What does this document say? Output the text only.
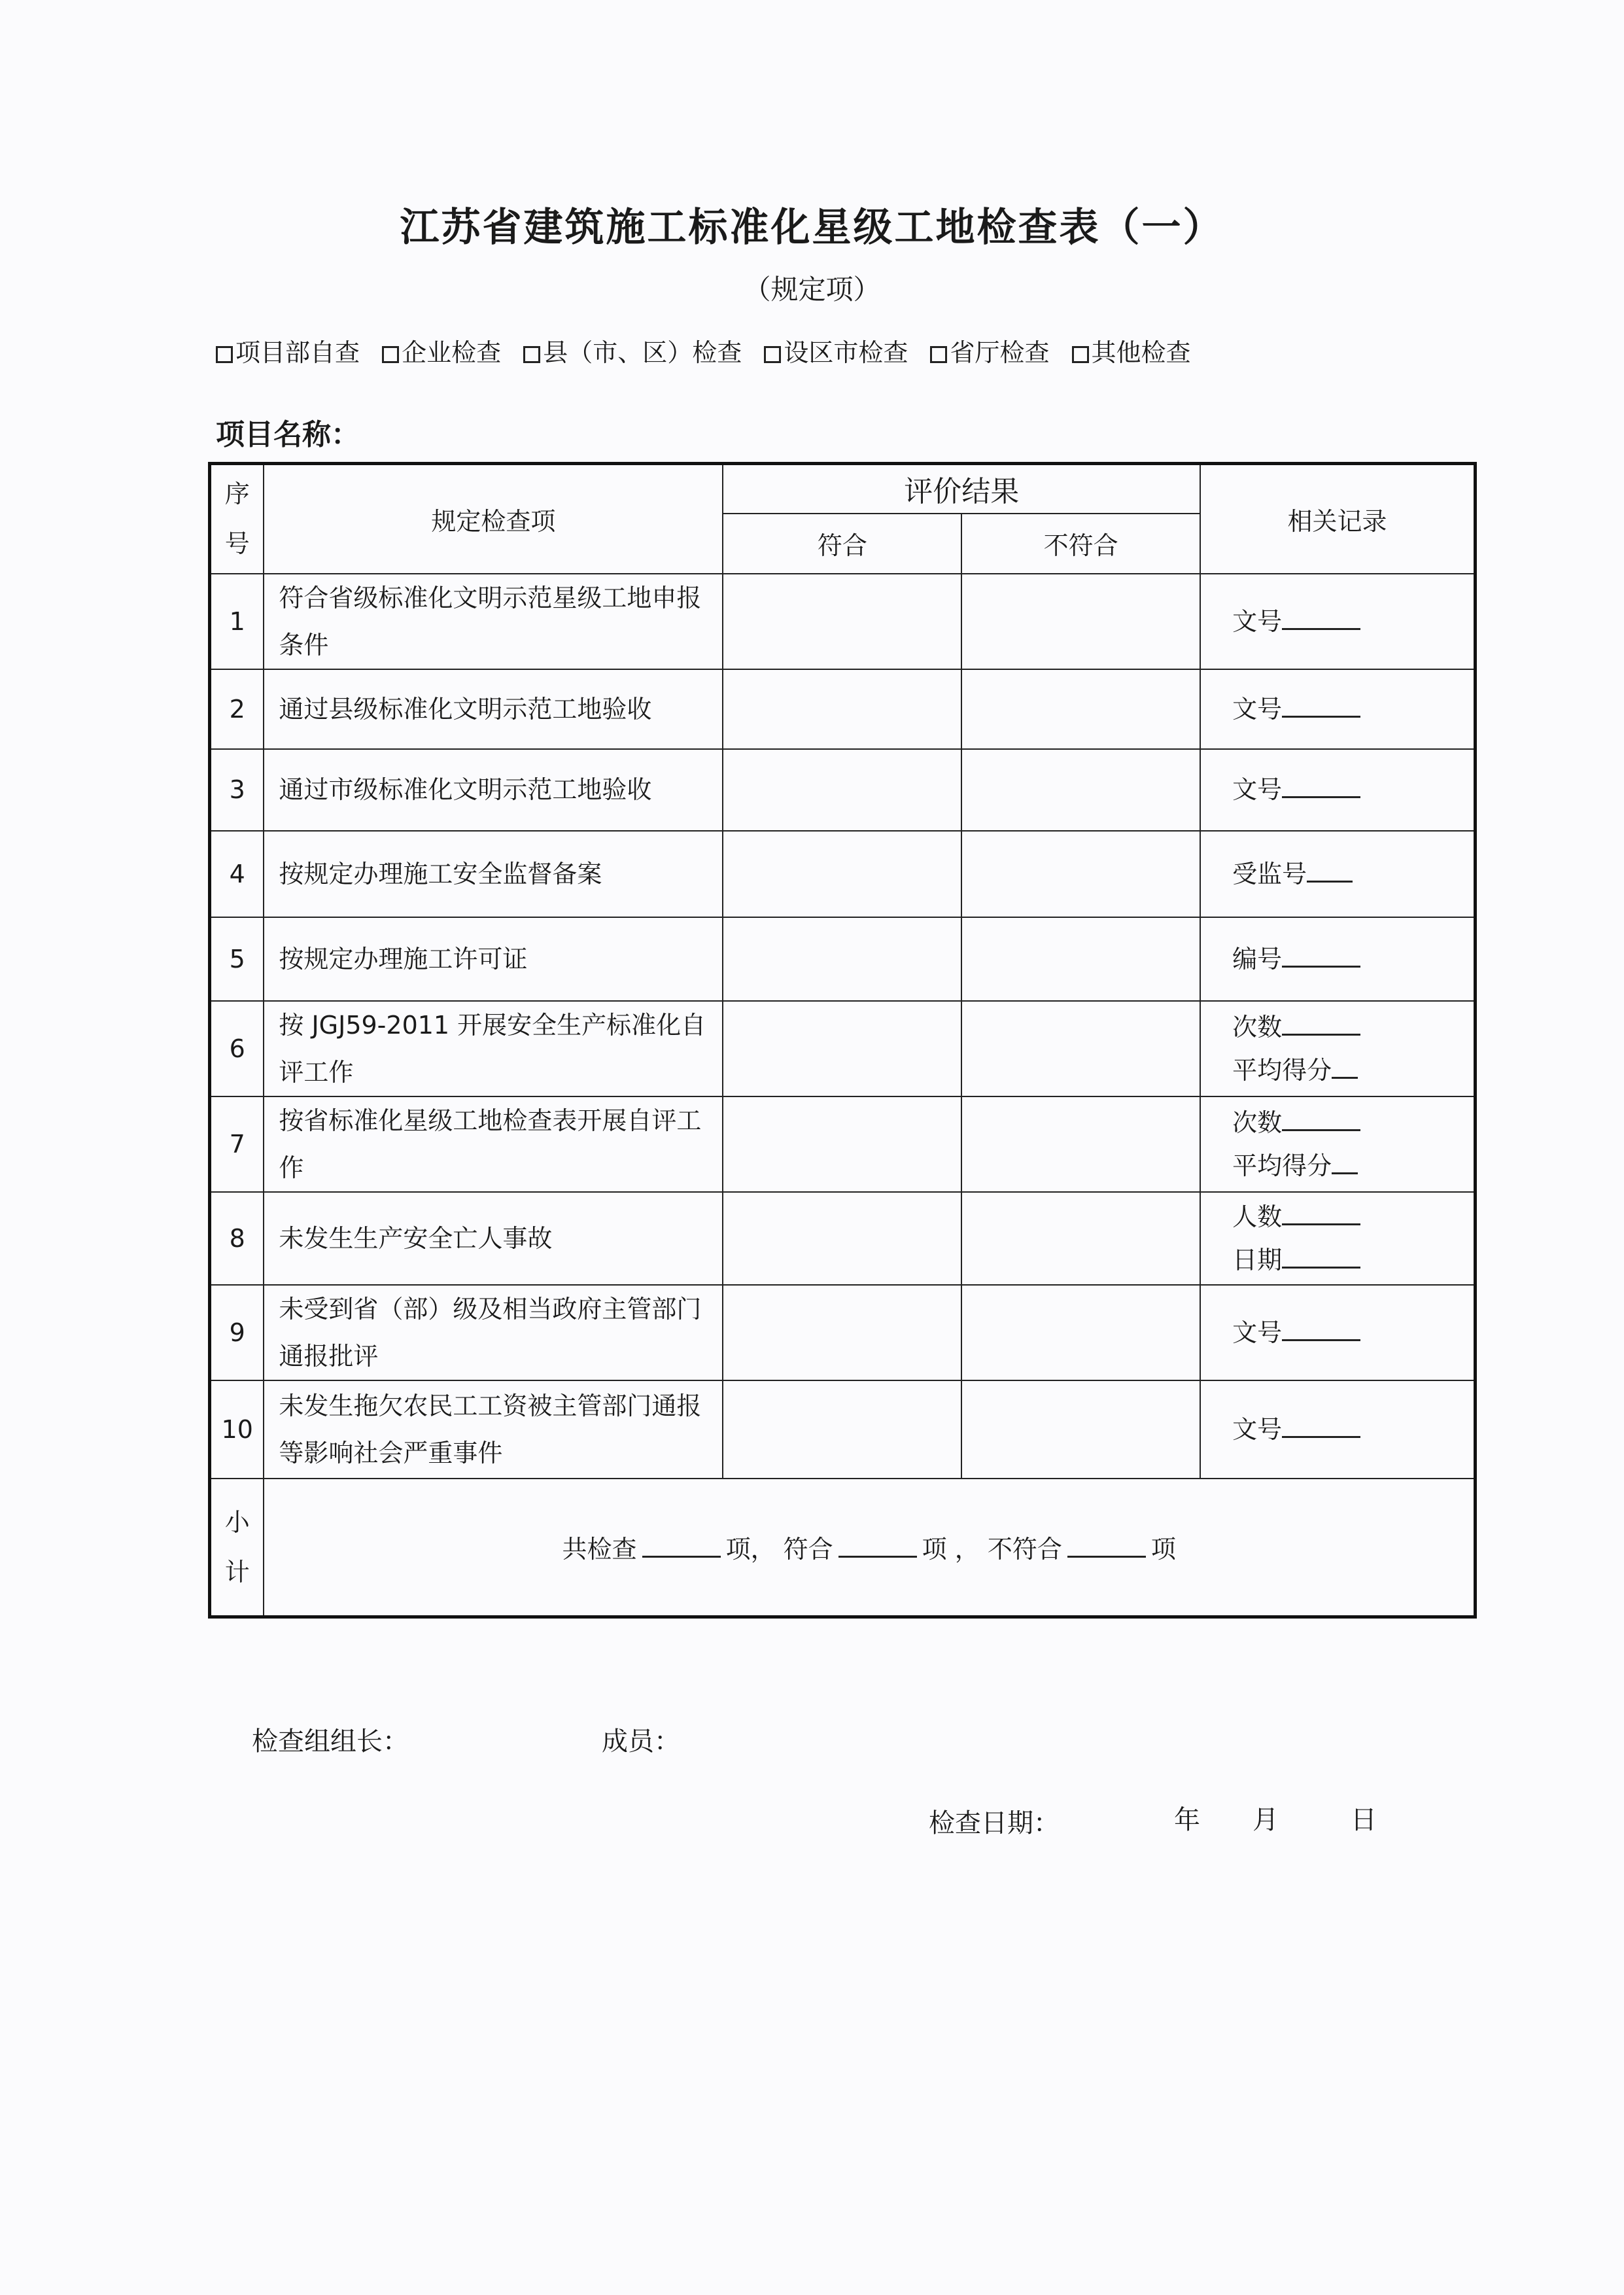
江苏省建筑施工标准化星级工地检查表（一）
（规定项）
项目部自查 企业检查 县（市、区）检查 设区市检查 省厅检查 其他检查
项目名称：
序
号	规定检查项	评价结果		相关记录
		符合	不符合	
1	符合省级标准化文明示范星级工地申报条件			文号
2	通过县级标准化文明示范工地验收			文号
3	通过市级标准化文明示范工地验收			文号
4	按规定办理施工安全监督备案			受监号
5	按规定办理施工许可证			编号
6	按 JGJ59-2011 开展安全生产标准化自评工作			次数
平均得分
7	按省标准化星级工地检查表开展自评工作			次数
平均得分
8	未发生生产安全亡人事故			人数
日期
9	未受到省（部）级及相当政府主管部门通报批评			文号
10	未发生拖欠农民工工资被主管部门通报等影响社会严重事件			文号

小
计	共检查 项， 符合 项 ， 不符合 项			
检查组组长：	成员：
检查日期：	年 月	日
